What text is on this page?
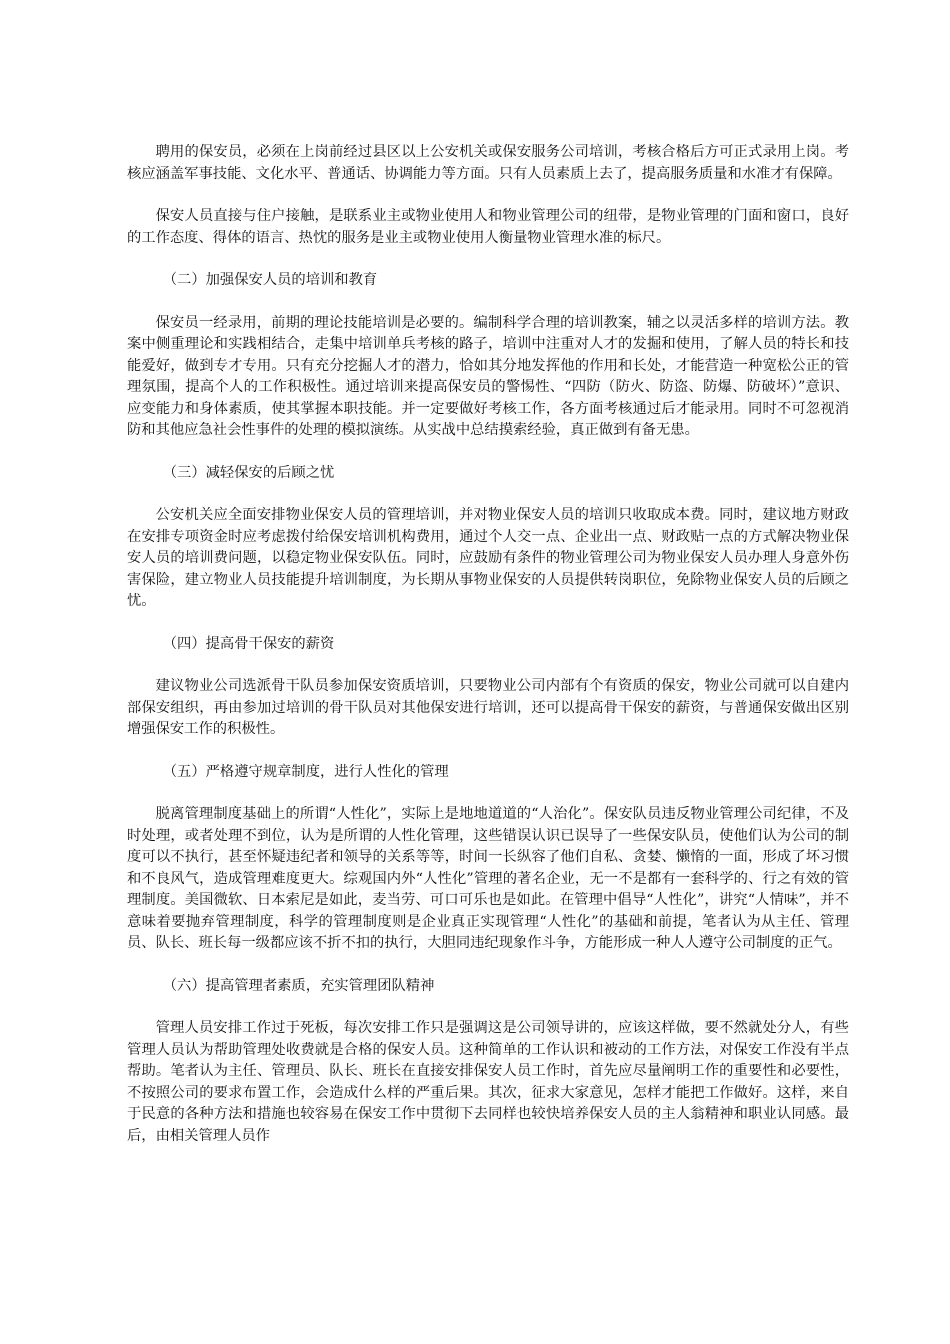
聘用的保安员，必须在上岗前经过县区以上公安机关或保安服务公司培训，考核合格后方可正式录用上岗。考核应涵盖军事技能、文化水平、普通话、协调能力等方面。只有人员素质上去了，提高服务质量和水准才有保障。

保安人员直接与住户接触，是联系业主或物业使用人和物业管理公司的纽带，是物业管理的门面和窗口，良好的工作态度、得体的语言、热忱的服务是业主或物业使用人衡量物业管理水准的标尺。

（二）加强保安人员的培训和教育

保安员一经录用，前期的理论技能培训是必要的。编制科学合理的培训教案，辅之以灵活多样的培训方法。教案中侧重理论和实践相结合，走集中培训单兵考核的路子，培训中注重对人才的发掘和使用，了解人员的特长和技能爱好，做到专才专用。只有充分挖掘人才的潜力，恰如其分地发挥他的作用和长处，才能营造一种宽松公正的管理氛围，提高个人的工作积极性。通过培训来提高保安员的警惕性、“四防（防火、防盗、防爆、防破坏）”意识、应变能力和身体素质，使其掌握本职技能。并一定要做好考核工作，各方面考核通过后才能录用。同时不可忽视消防和其他应急社会性事件的处理的模拟演练。从实战中总结摸索经验，真正做到有备无患。

（三）减轻保安的后顾之忧

公安机关应全面安排物业保安人员的管理培训，并对物业保安人员的培训只收取成本费。同时，建议地方财政在安排专项资金时应考虑拨付给保安培训机构费用，通过个人交一点、企业出一点、财政贴一点的方式解决物业保安人员的培训费问题，以稳定物业保安队伍。同时，应鼓励有条件的物业管理公司为物业保安人员办理人身意外伤害保险，建立物业人员技能提升培训制度，为长期从事物业保安的人员提供转岗职位，免除物业保安人员的后顾之忧。

（四）提高骨干保安的薪资

建议物业公司选派骨干队员参加保安资质培训，只要物业公司内部有个有资质的保安，物业公司就可以自建内部保安组织，再由参加过培训的骨干队员对其他保安进行培训，还可以提高骨干保安的薪资，与普通保安做出区别增强保安工作的积极性。

（五）严格遵守规章制度，进行人性化的管理

脱离管理制度基础上的所谓“人性化”，实际上是地地道道的“人治化”。保安队员违反物业管理公司纪律，不及时处理，或者处理不到位，认为是所谓的人性化管理，这些错误认识已误导了一些保安队员，使他们认为公司的制度可以不执行，甚至怀疑违纪者和领导的关系等等，时间一长纵容了他们自私、贪婪、懒惰的一面，形成了坏习惯和不良风气，造成管理难度更大。综观国内外“人性化”管理的著名企业，无一不是都有一套科学的、行之有效的管理制度。美国微软、日本索尼是如此，麦当劳、可口可乐也是如此。在管理中倡导“人性化”，讲究“人情味”，并不意味着要抛弃管理制度，科学的管理制度则是企业真正实现管理“人性化”的基础和前提，笔者认为从主任、管理员、队长、班长每一级都应该不折不扣的执行，大胆同违纪现象作斗争，方能形成一种人人遵守公司制度的正气。

（六）提高管理者素质，充实管理团队精神

管理人员安排工作过于死板，每次安排工作只是强调这是公司领导讲的，应该这样做，要不然就处分人，有些管理人员认为帮助管理处收费就是合格的保安人员。这种简单的工作认识和被动的工作方法，对保安工作没有半点帮助。笔者认为主任、管理员、队长、班长在直接安排保安人员工作时，首先应尽量阐明工作的重要性和必要性，不按照公司的要求布置工作，会造成什么样的严重后果。其次，征求大家意见，怎样才能把工作做好。这样，来自于民意的各种方法和措施也较容易在保安工作中贯彻下去同样也较快培养保安人员的主人翁精神和职业认同感。最后，由相关管理人员作
